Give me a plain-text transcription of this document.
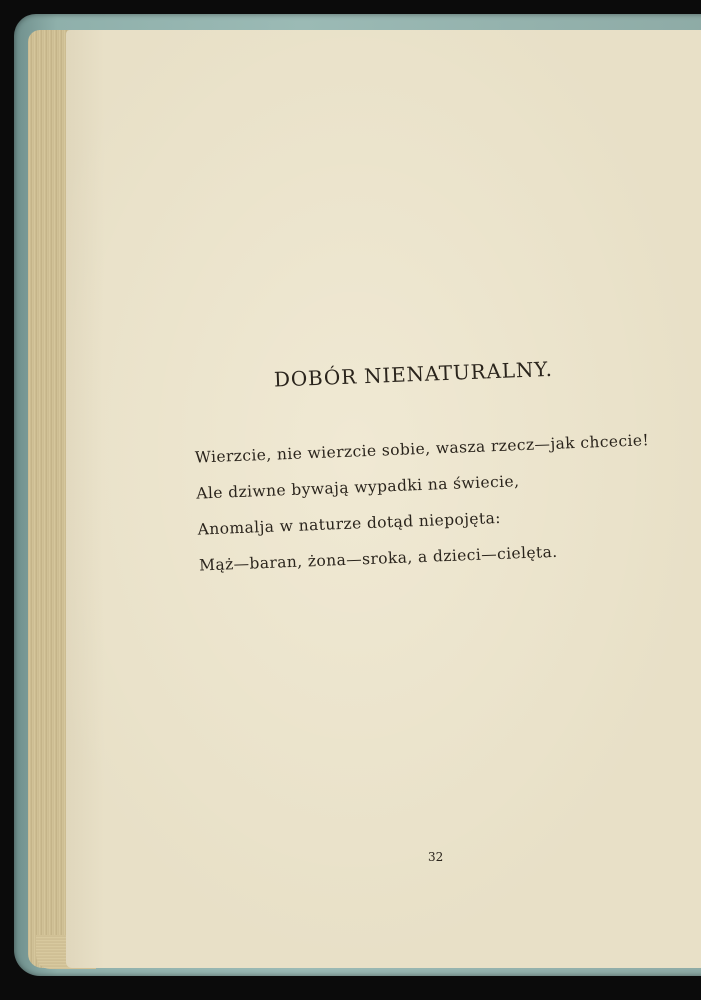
DOBÓR NIENATURALNY.
Wierzcie, nie wierzcie sobie, wasza rzecz—jak chcecie!
Ale dziwne bywają wypadki na świecie,
Anomalja w naturze dotąd niepojęta:
Mąż—baran, żona—sroka, a dzieci—cielęta.
32
